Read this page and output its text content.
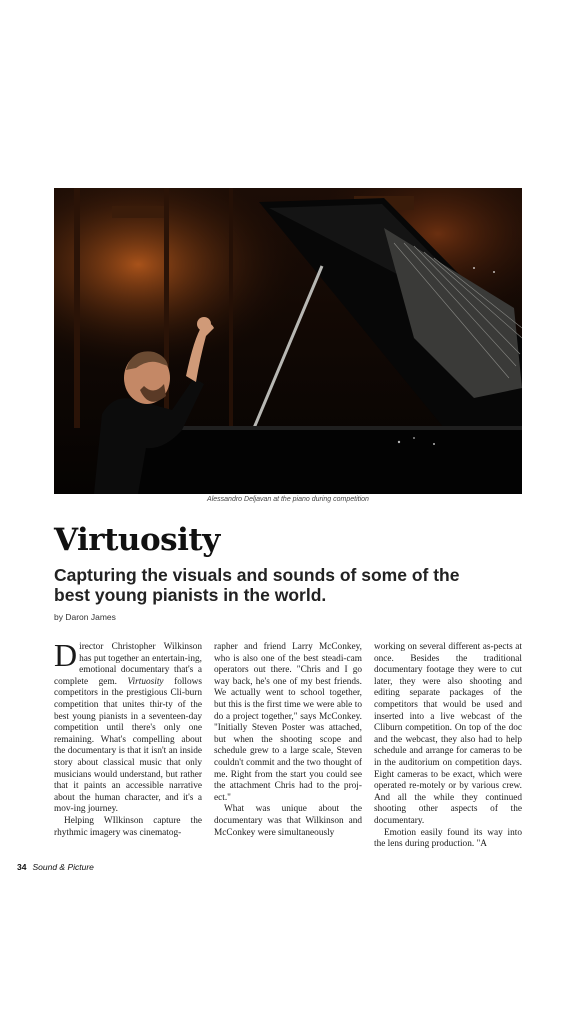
Alessandro Deljavan at the piano during competition
Virtuosity
Capturing the visuals and sounds of some of the best young pianists in the world.
by Daron James

Director Christopher Wilkinson has put together an entertain-ing, emotional documentary that's a complete gem. Virtuosity follows competitors in the prestigious Cli-burn competition that unites thir-ty of the best young pianists in a seventeen-day competition until there's only one remaining. What's compelling about the documentary is that it isn't an inside story about classical music that only musicians would understand, but rather that it paints an accessible narrative about the human character, and it's a mov-ing journey.

Helping WIlkinson capture the rhythmic imagery was cinematog-

rapher and friend Larry McConkey, who is also one of the best steadi-cam operators out there. "Chris and I go way back, he's one of my best friends. We actually went to school together, but this is the first time we were able to do a project together," says McConkey. "Initially Steven Poster was attached, but when the shooting scope and schedule grew to a large scale, Steven couldn't commit and the two thought of me. Right from the start you could see the attachment Chris had to the proj-ect."

What was unique about the documentary was that Wilkinson and McConkey were simultaneously

working on several different as-pects at once. Besides the traditional documentary footage they were to cut later, they were also shooting and editing separate packages of the competitors that would be used and inserted into a live webcast of the Cliburn competition. On top of the doc and the webcast, they also had to help schedule and arrange for cameras to be in the auditorium on competition days. Eight cameras to be exact, which were operated re-motely or by various crew. And all the while they continued shooting other aspects of the documentary.

Emotion easily found its way into the lens during production. "A

34 Sound & Picture
